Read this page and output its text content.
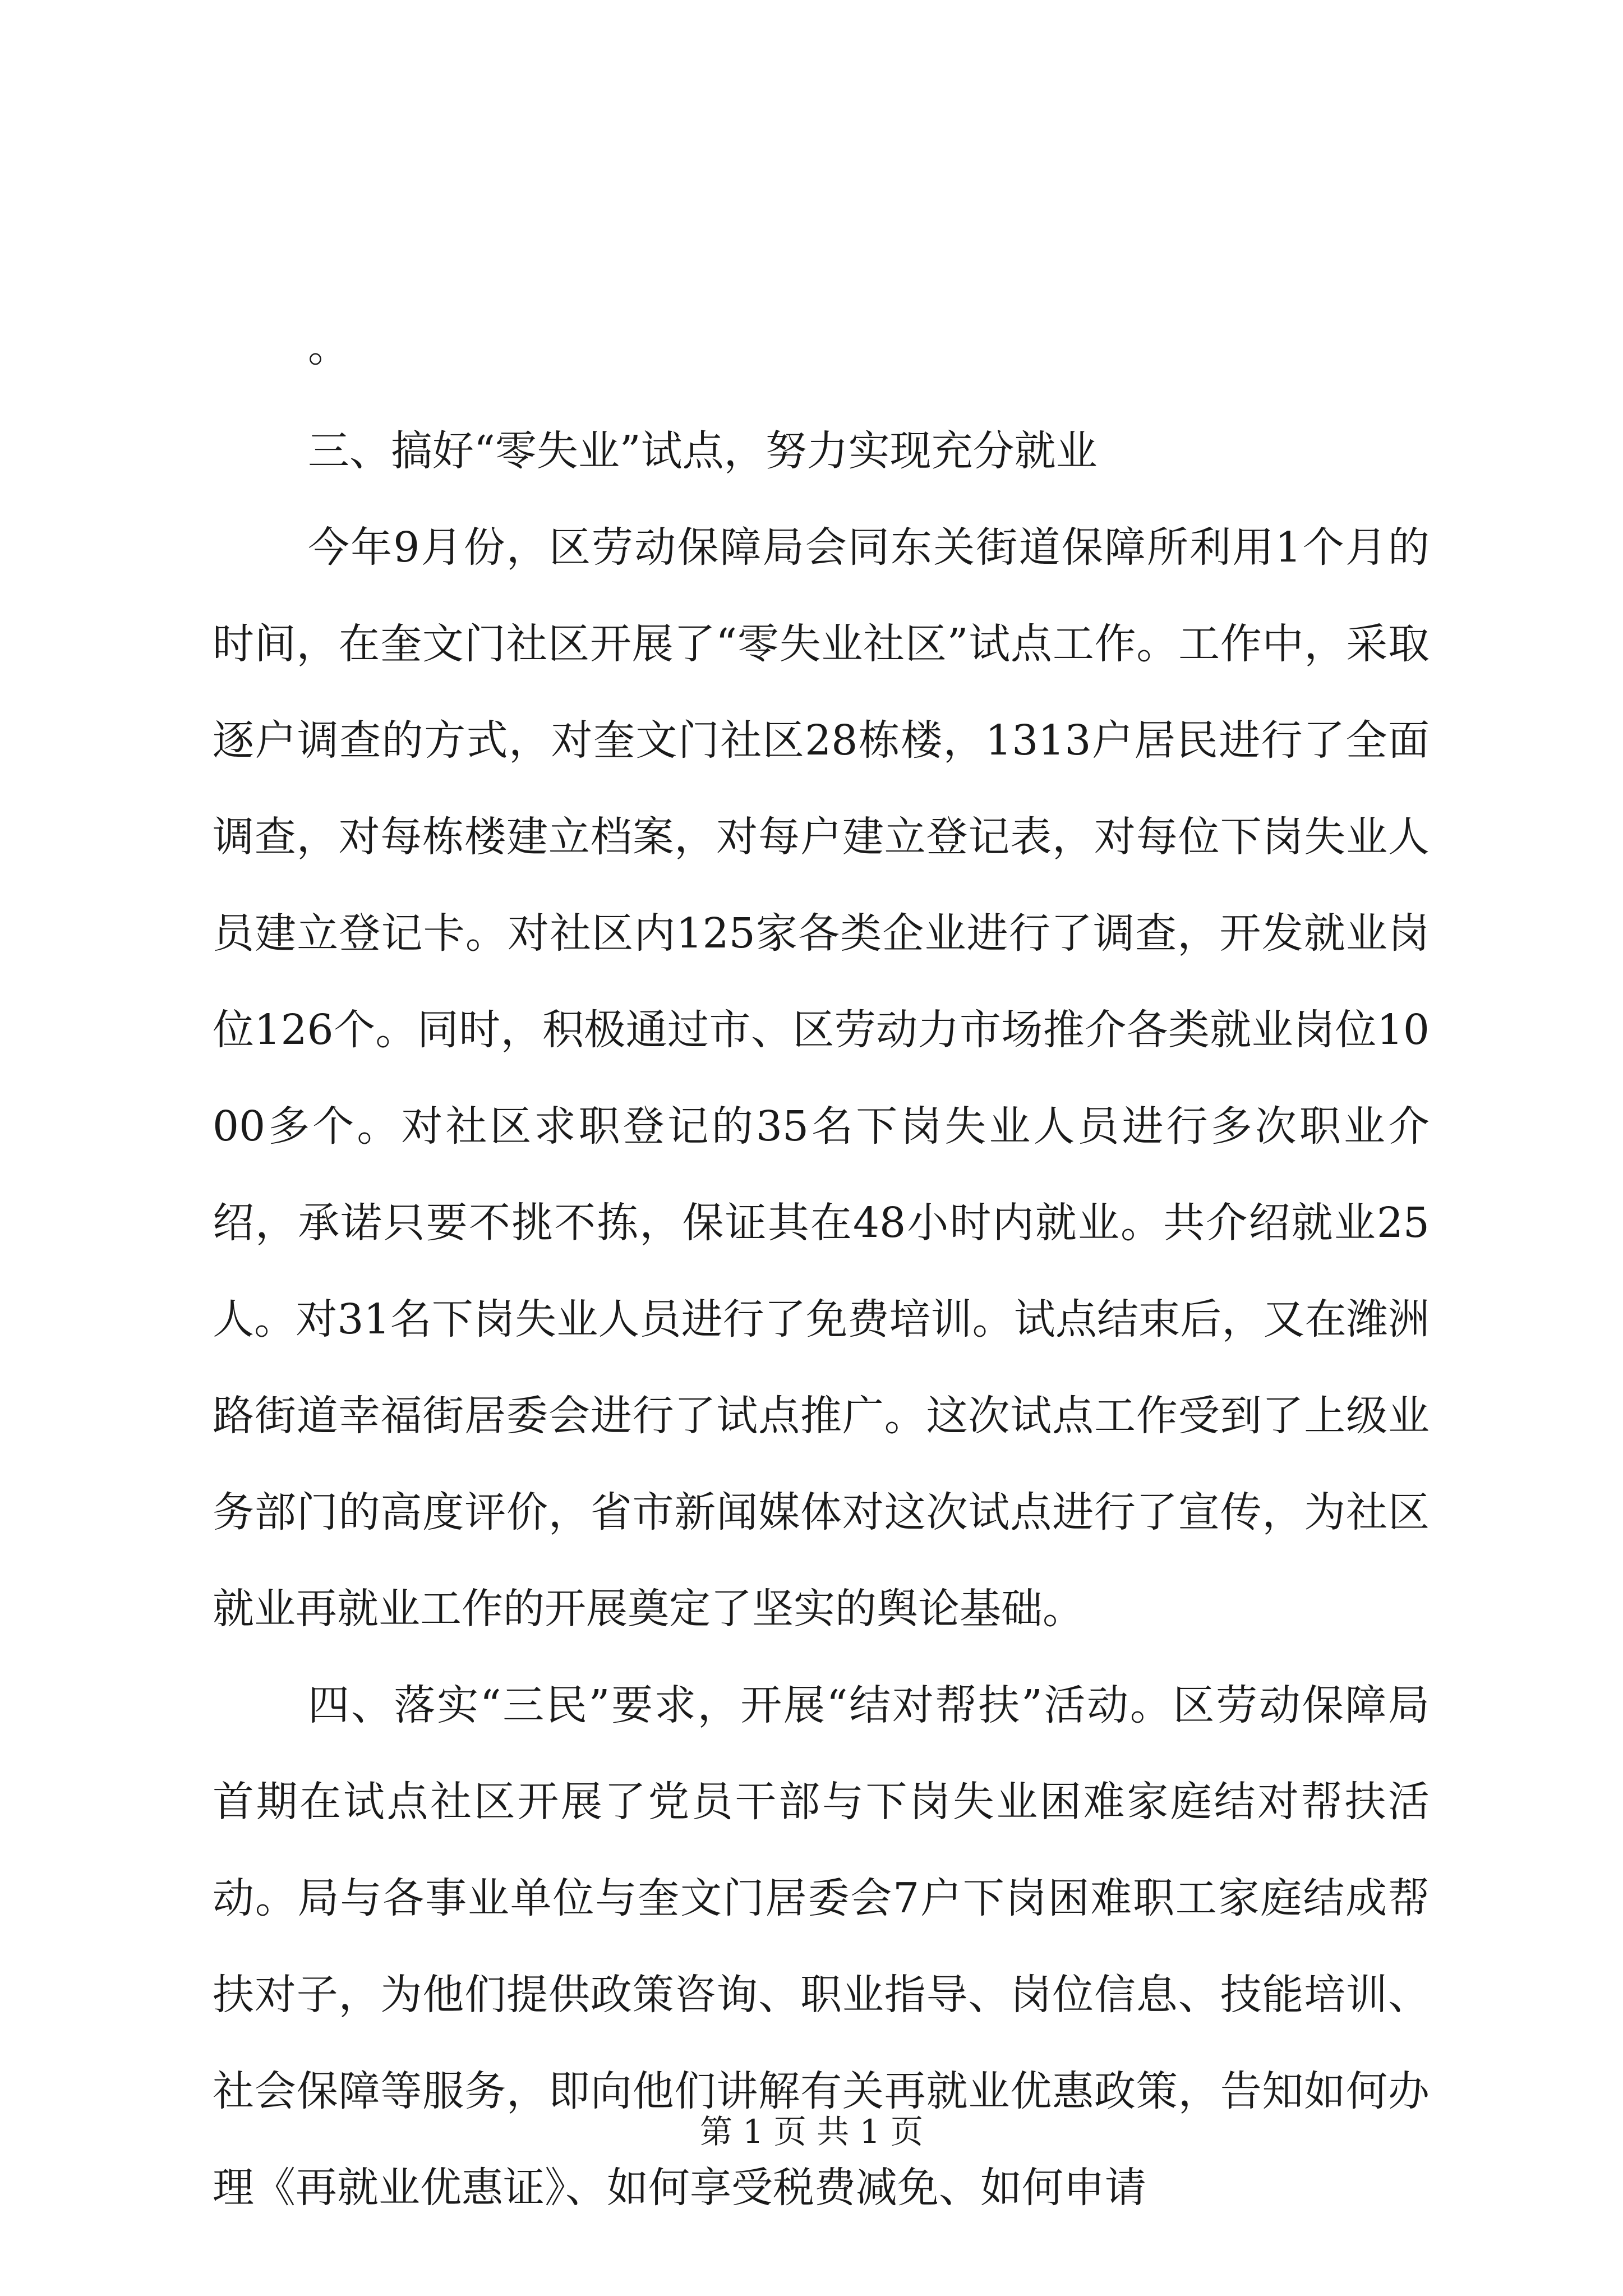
。

三、搞好“零失业”试点，努力实现充分就业

今年9月份，区劳动保障局会同东关街道保障所利用1个月的时间，在奎文门社区开展了“零失业社区”试点工作。工作中，采取逐户调查的方式，对奎文门社区28栋楼，1313户居民进行了全面调查，对每栋楼建立档案，对每户建立登记表，对每位下岗失业人员建立登记卡。对社区内125家各类企业进行了调查，开发就业岗位126个。同时，积极通过市、区劳动力市场推介各类就业岗位1000多个。对社区求职登记的35名下岗失业人员进行多次职业介绍，承诺只要不挑不拣，保证其在48小时内就业。共介绍就业25人。对31名下岗失业人员进行了免费培训。试点结束后，又在潍洲路街道幸福街居委会进行了试点推广。这次试点工作受到了上级业务部门的高度评价，省市新闻媒体对这次试点进行了宣传，为社区就业再就业工作的开展奠定了坚实的舆论基础。

四、落实“三民”要求，开展“结对帮扶”活动。区劳动保障局首期在试点社区开展了党员干部与下岗失业困难家庭结对帮扶活动。局与各事业单位与奎文门居委会7户下岗困难职工家庭结成帮扶对子，为他们提供政策咨询、职业指导、岗位信息、技能培训、社会保障等服务，即向他们讲解有关再就业优惠政策，告知如何办理《再就业优惠证》、如何享受税费减免、如何申请

第 1 页 共 1 页
